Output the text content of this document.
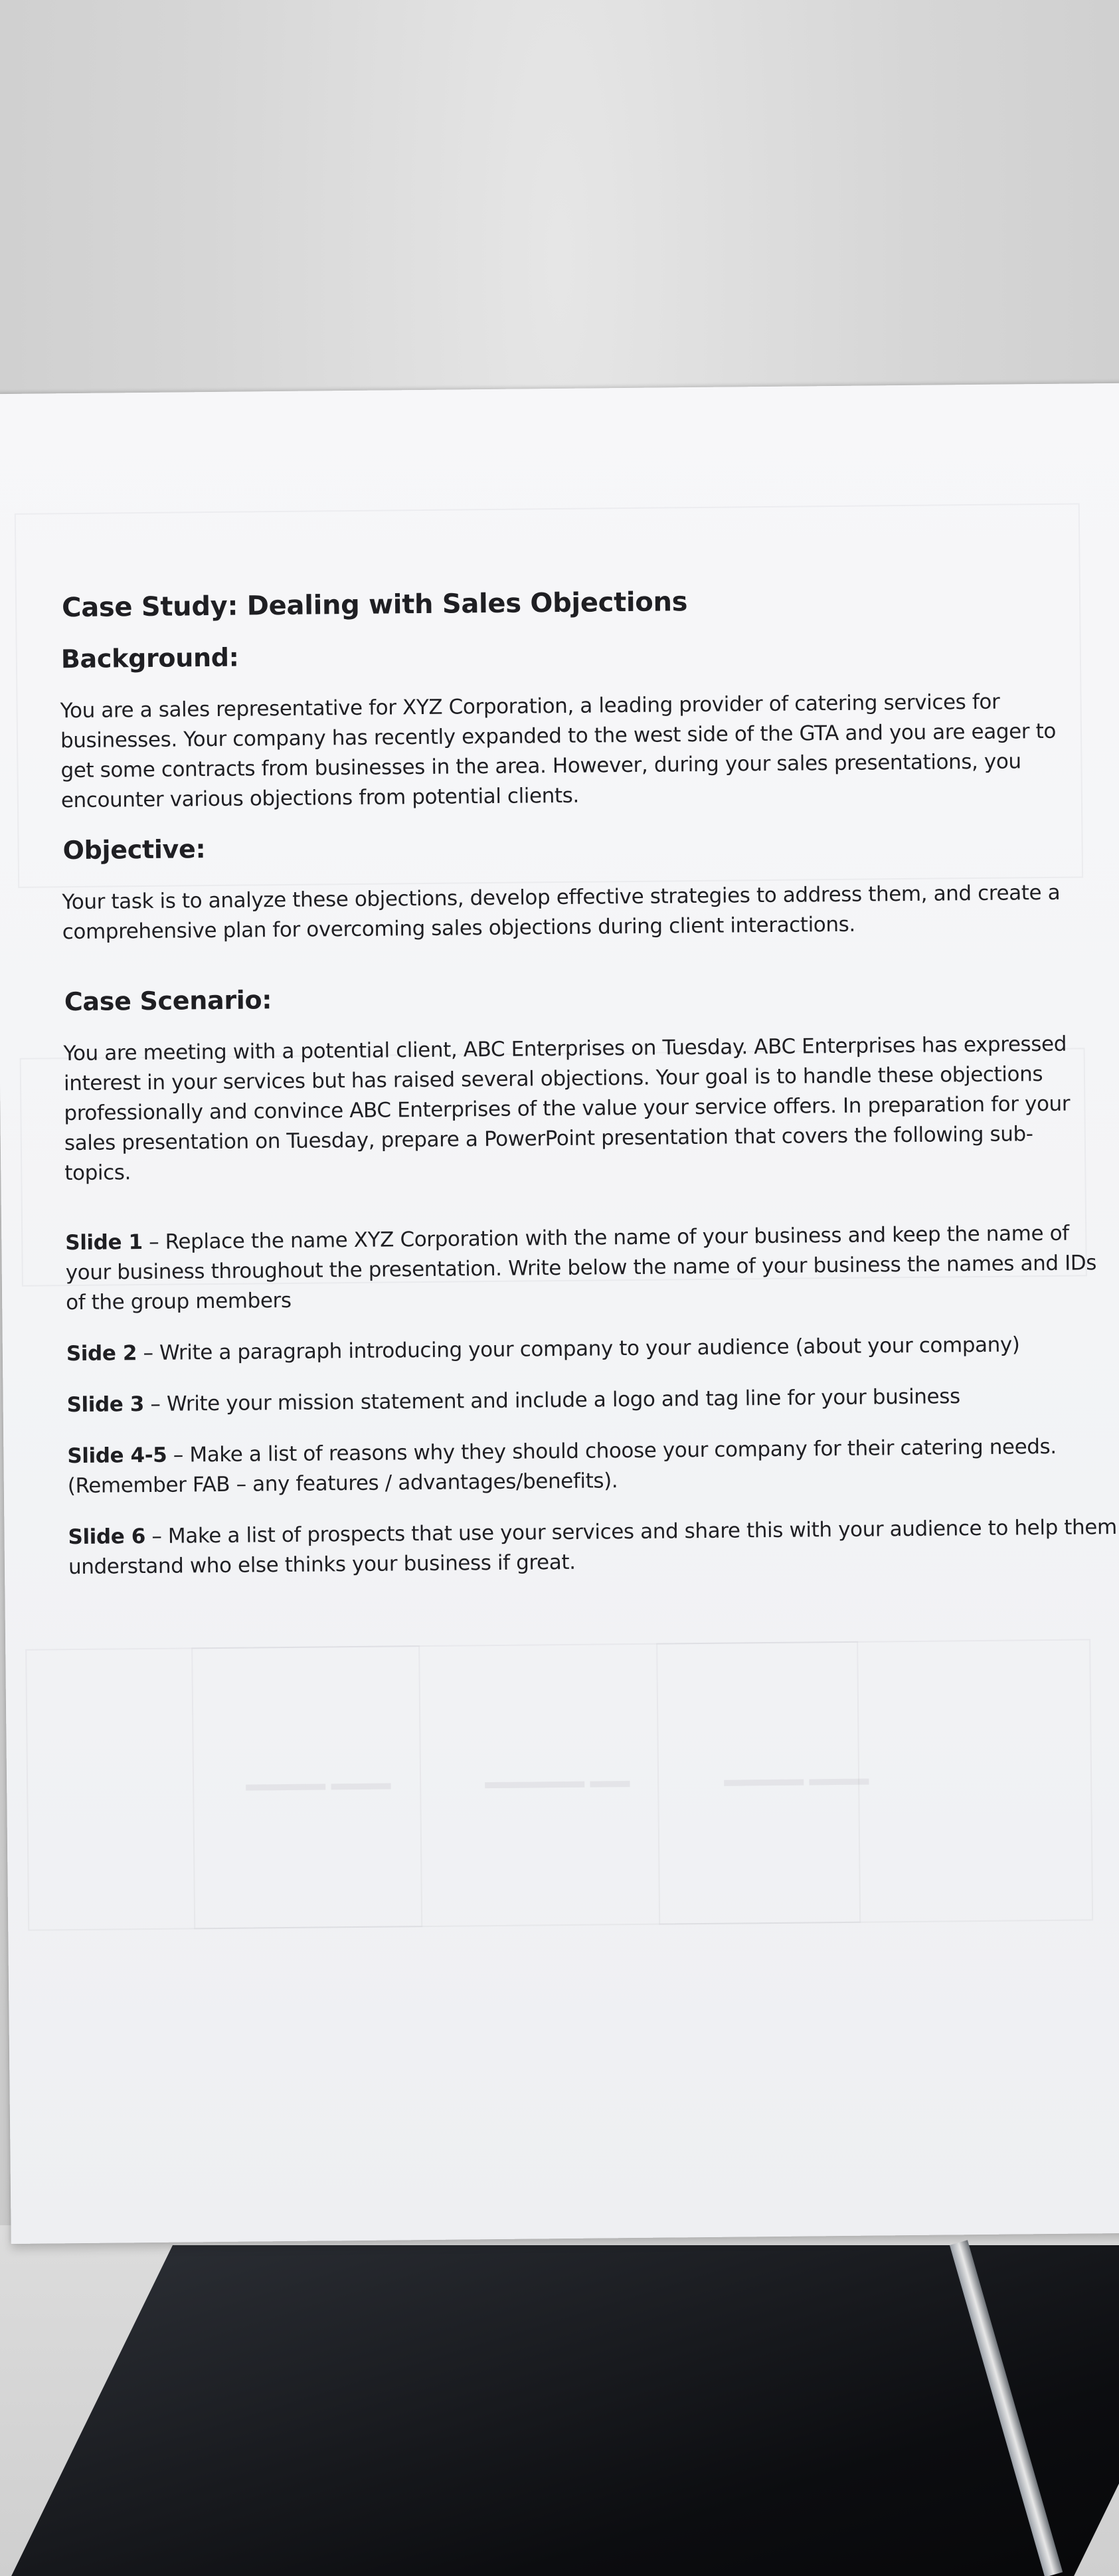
▬▬▬▬ ▬▬▬	▬▬▬▬▬ ▬▬	▬▬▬▬ ▬▬▬
Case Study: Dealing with Sales Objections
Background:
You are a sales representative for XYZ Corporation, a leading provider of catering services for businesses. Your company has recently expanded to the west side of the GTA and you are eager to get some contracts from businesses in the area. However, during your sales presentations, you encounter various objections from potential clients.
Objective:
Your task is to analyze these objections, develop effective strategies to address them, and create a comprehensive plan for overcoming sales objections during client interactions.
Case Scenario:
You are meeting with a potential client, ABC Enterprises on Tuesday. ABC Enterprises has expressed interest in your services but has raised several objections. Your goal is to handle these objections professionally and convince ABC Enterprises of the value your service offers. In preparation for your sales presentation on Tuesday, prepare a PowerPoint presentation that covers the following sub-topics.
Slide 1 – Replace the name XYZ Corporation with the name of your business and keep the name of your business throughout the presentation. Write below the name of your business the names and IDs of the group members
Side 2 – Write a paragraph introducing your company to your audience (about your company)
Slide 3 – Write your mission statement and include a logo and tag line for your business
Slide 4-5 – Make a list of reasons why they should choose your company for their catering needs. (Remember FAB – any features / advantages/benefits).
Slide 6 – Make a list of prospects that use your services and share this with your audience to help them understand who else thinks your business if great.
